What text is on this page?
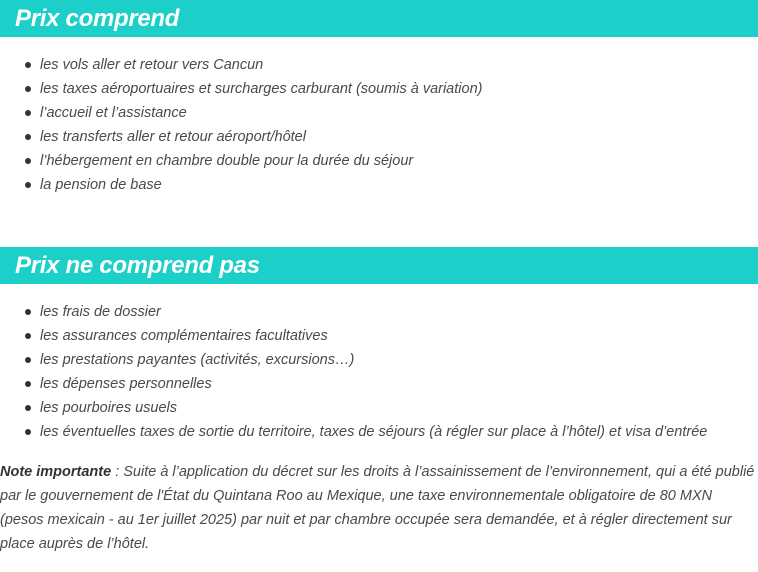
Prix comprend
les vols aller et retour vers Cancun
les taxes aéroportuaires et surcharges carburant (soumis à variation)
l’accueil et l’assistance
les transferts aller et retour aéroport/hôtel
l’hébergement en chambre double pour la durée du séjour
la pension de base
Prix ne comprend pas
les frais de dossier
les assurances complémentaires facultatives
les prestations payantes (activités, excursions…)
les dépenses personnelles
les pourboires usuels
les éventuelles taxes de sortie du territoire, taxes de séjours (à régler sur place à l’hôtel) et visa d’entrée

Note importante : Suite à l’application du décret sur les droits à l’assainissement de l’environnement, qui a été publié par le gouvernement de l'État du Quintana Roo au Mexique, une taxe environnementale obligatoire de 80 MXN (pesos mexicain - au 1er juillet 2025) par nuit et par chambre occupée sera demandée, et à régler directement sur place auprès de l’hôtel.
